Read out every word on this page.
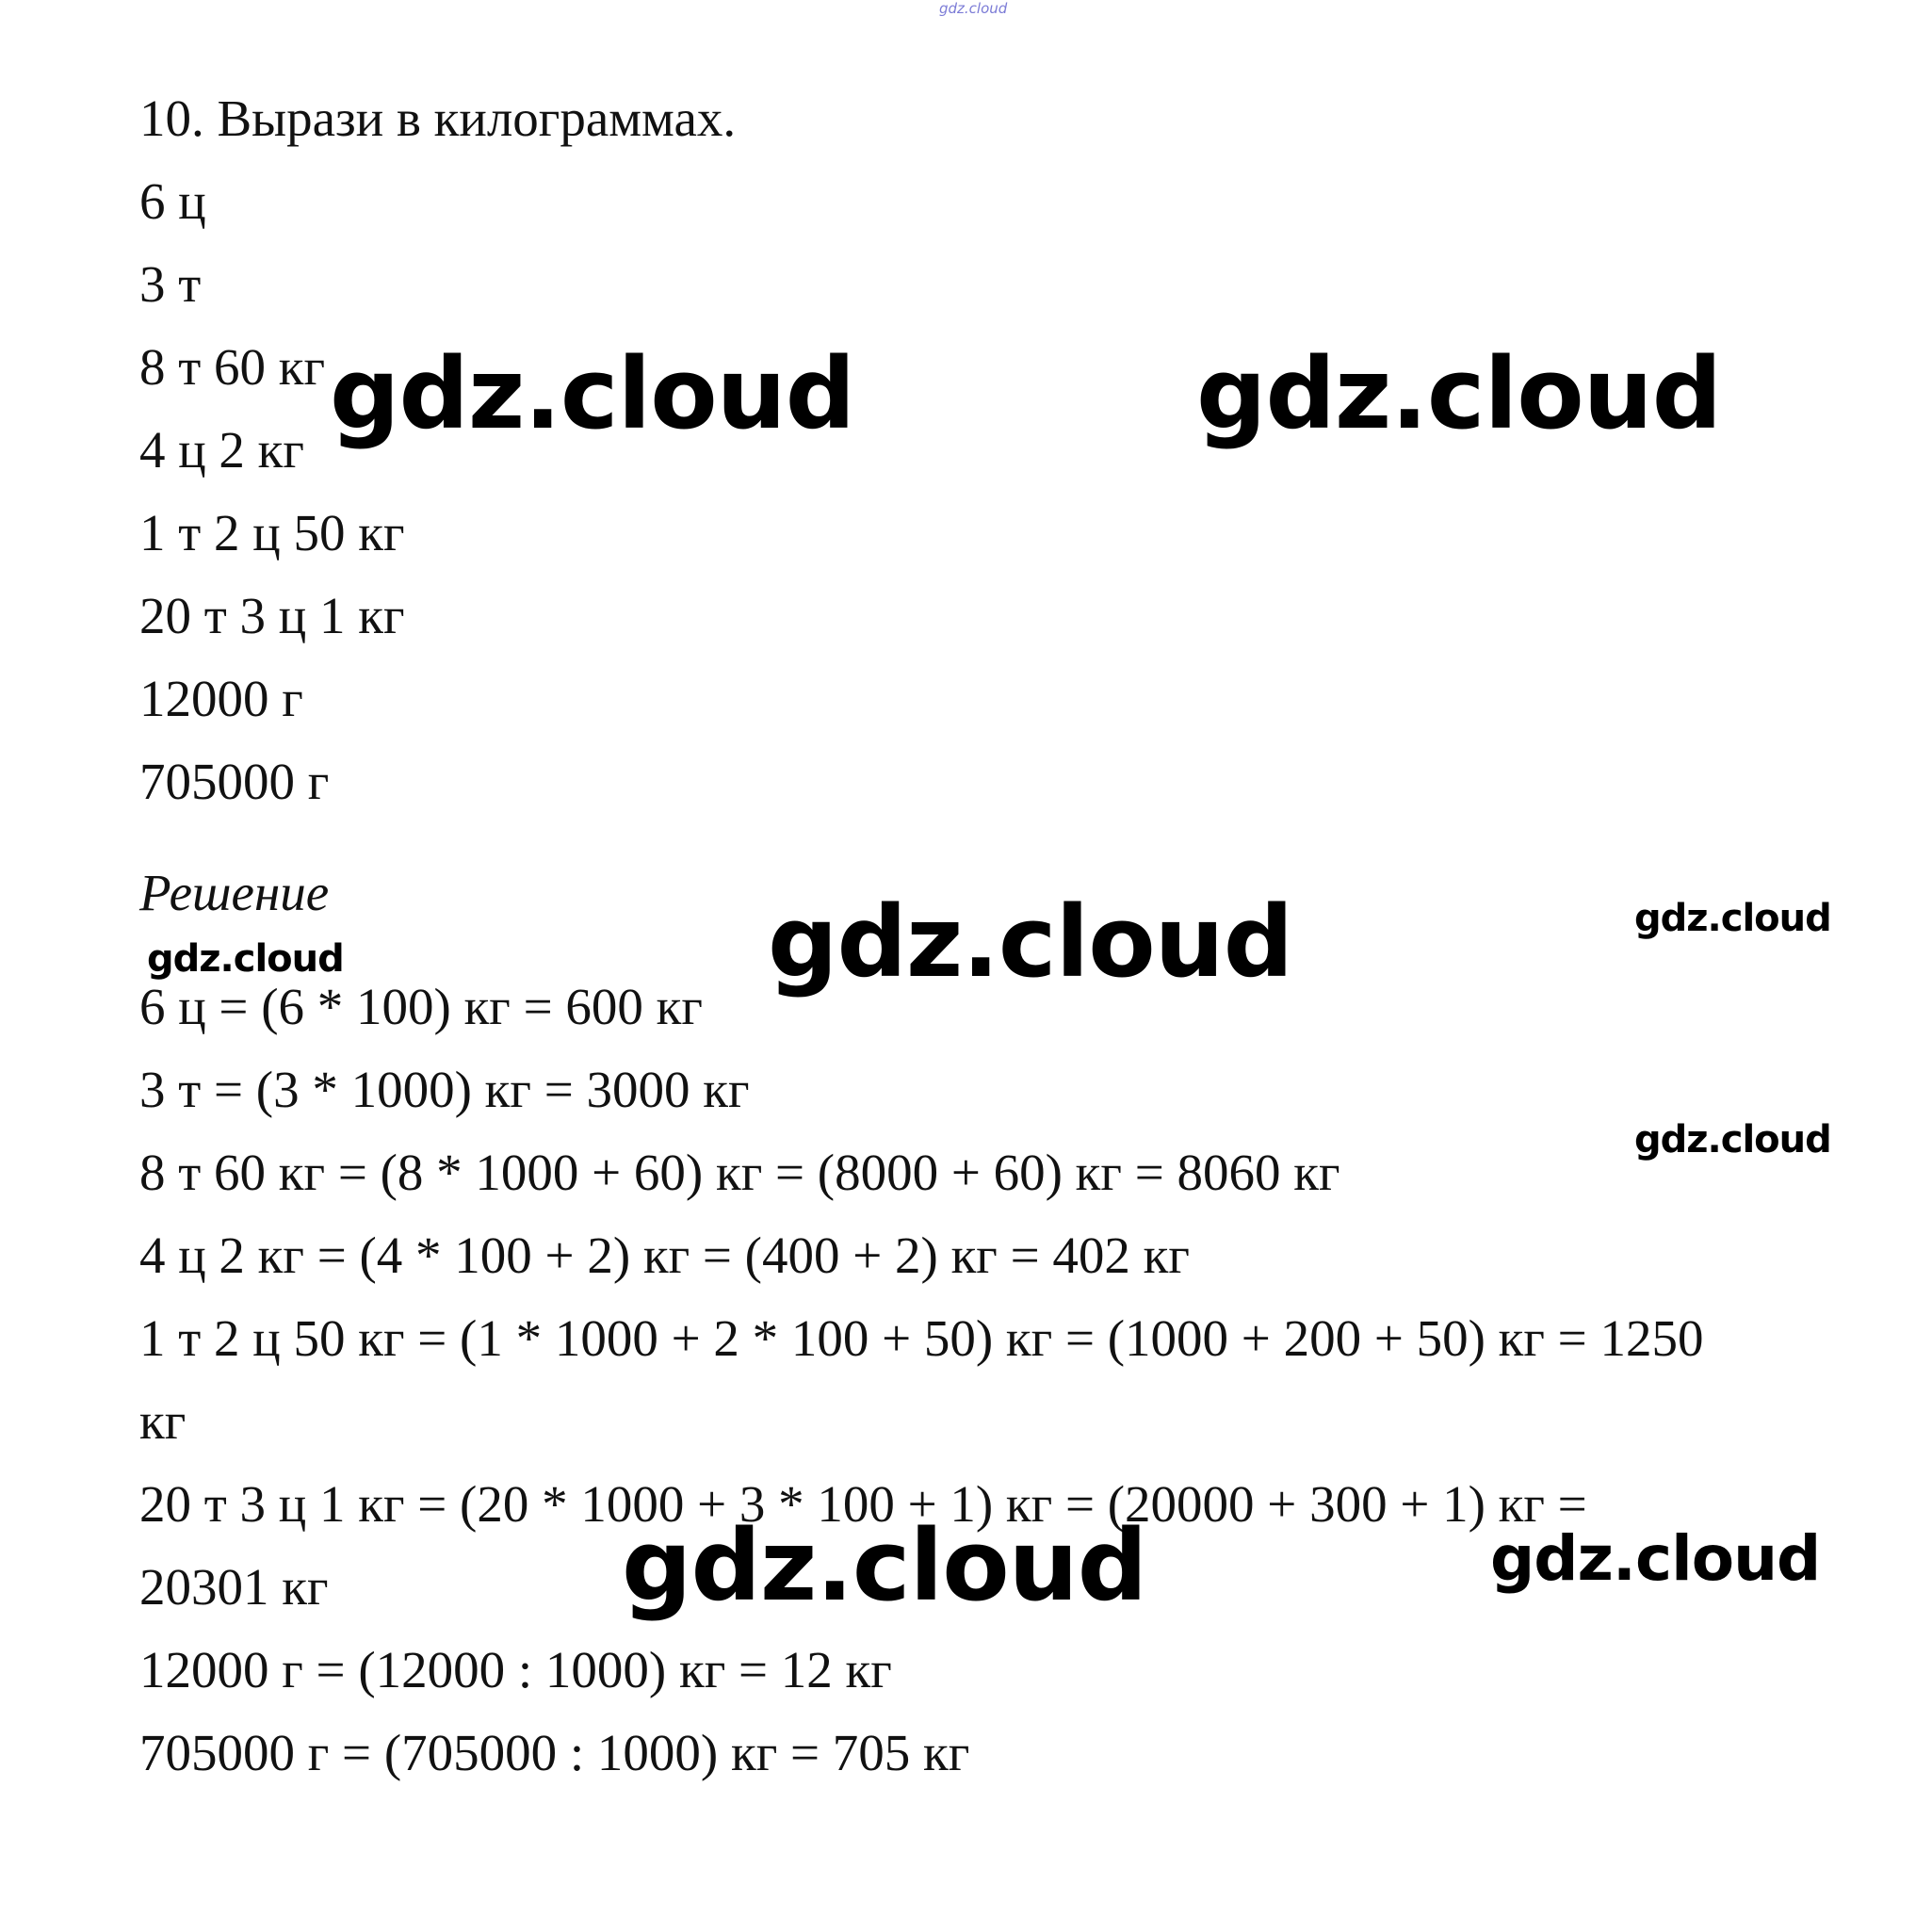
gdz.cloud
10. Вырази в килограммах.
6 ц
3 т
8 т 60 кг
4 ц 2 кг
1 т 2 ц 50 кг
20 т 3 ц 1 кг
12000 г
705000 г
Решение
6 ц = (6 * 100) кг = 600 кг
3 т = (3 * 1000) кг = 3000 кг
8 т 60 кг = (8 * 1000 + 60) кг = (8000 + 60) кг = 8060 кг
4 ц 2 кг = (4 * 100 + 2) кг = (400 + 2) кг = 402 кг
1 т 2 ц 50 кг = (1 * 1000 + 2 * 100 + 50) кг = (1000 + 200 + 50) кг = 1250
кг
20 т 3 ц 1 кг = (20 * 1000 + 3 * 100 + 1) кг = (20000 + 300 + 1) кг =
20301 кг
12000 г = (12000 : 1000) кг = 12 кг
705000 г = (705000 : 1000) кг = 705 кг
gdz.cloud	gdz.cloud
gdz.cloud	gdz.cloud
gdz.cloud
gdz.cloud
gdz.cloud	gdz.cloud
